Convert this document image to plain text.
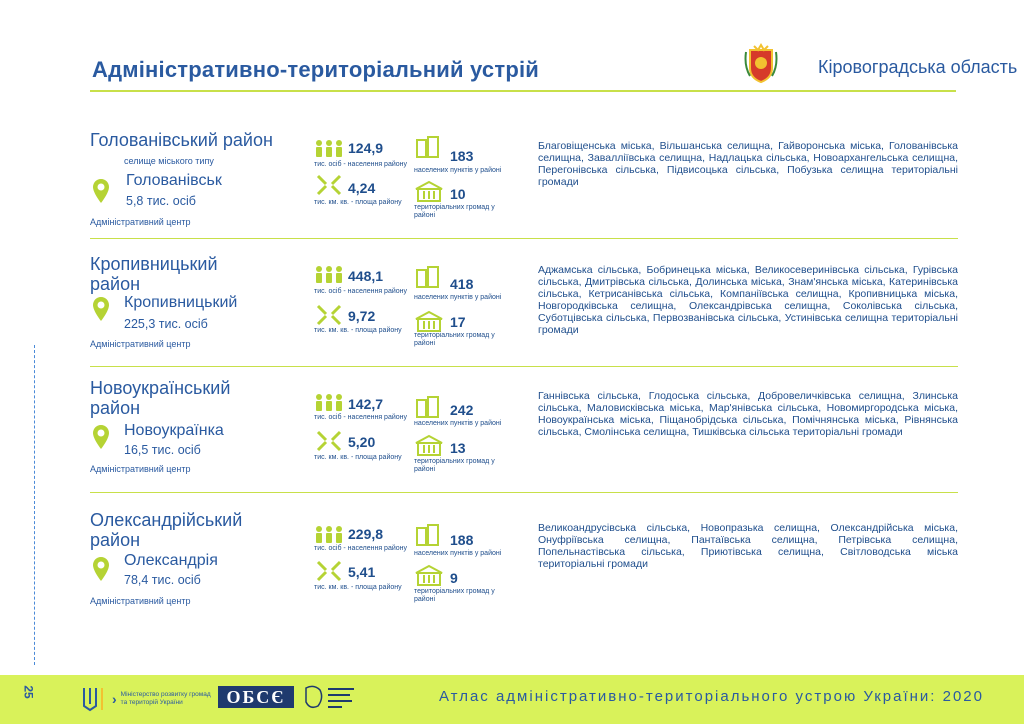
Адміністративно-територіальний устрій	Кіровоградська область
Голованівський район
селище міського типу
Голованівськ
5,8 тис. осіб
Адміністративний центр
124,9
тис. осіб - населення району
4,24
тис. км. кв. - площа району
183
населених пунктів у районі
10
територіальних громад у районі
Благовіщенська міська, Вільшанська селищна, Гайворонська міська, Голованівська селищна, Завалліївська селищна, Надлацька сільська, Новоархангельська селищна, Перегонівська сільська, Підвисоцька сільська, Побузька селищна територіальні громади
Кропивницький район
Кропивницький
225,3 тис. осіб
Адміністративний центр
448,1
тис. осіб - населення району
9,72
тис. км. кв. - площа району
418
населених пунктів у районі
17
територіальних громад у районі
Аджамська сільська, Бобринецька міська, Великосеверинівська сільська, Гурівська сільська, Дмитрівська сільська, Долинська міська, Знам'янська міська, Катеринівська сільська, Кетрисанівська сільська, Компаніївська селищна, Кропивницька міська, Новгородківська селищна, Олександрівська селищна, Соколівська сільська, Суботцівська сільська, Первозванівська сільська, Устинівська селищна територіальні громади
Новоукраїнський район
Новоукраїнка
16,5 тис. осіб
Адміністративний центр
142,7
тис. осіб - населення району
5,20
тис. км. кв. - площа району
242
населених пунктів у районі
13
територіальних громад у районі
Ганнівська сільська, Глодоська сільська, Добровеличківська селищна, Злинська сільська, Маловисківська міська, Мар'янівська сільська, Новомиргородська міська, Новоукраїнська міська, Піщанобрідська сільська, Помічнянська міська, Рівнянська сільська, Смолінська селищна, Тишківська сільська територіальні громади
Олександрійський район
Олександрія
78,4 тис. осіб
Адміністративний центр
229,8
тис. осіб - населення району
5,41
тис. км. кв. - площа району
188
населених пунктів у районі
9
територіальних громад у районі
Великоандрусівська сільська, Новопразька селищна, Олександрійська міська, Онуфріївська селищна, Пантаївська селищна, Петрівська селищна, Попельнастівська сільська, Приютівська селищна, Світловодська міська територіальні громади
25	› Міністерство розвитку громад та територій України	ОБСЄ	Атлас адміністративно-територіального устрою України: 2020
